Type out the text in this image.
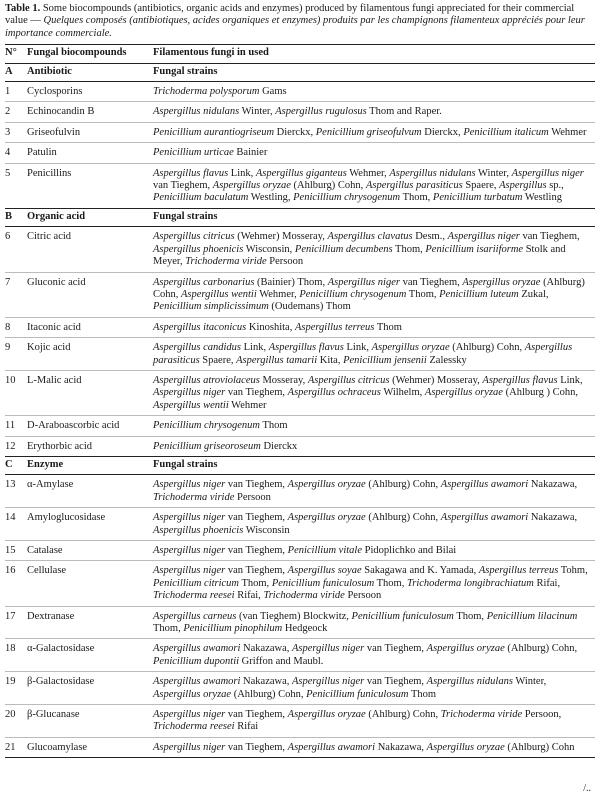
Table 1. Some biocompounds (antibiotics, organic acids and enzymes) produced by filamentous fungi appreciated for their commercial value — Quelques composés (antibiotiques, acides organiques et enzymes) produits par les champignons filamenteux appréciés pour leur importance commerciale.
N°	Fungal biocompounds	Filamentous fungi in used
A	Antibiotic	Fungal strains
1	Cyclosporins	Trichoderma polysporum Gams
2	Echinocandin B	Aspergillus nidulans Winter, Aspergillus rugulosus Thom and Raper.
3	Griseofulvin	Penicillium aurantiogriseum Dierckx, Penicillium griseofulvum Dierckx, Penicillium italicum Wehmer
4	Patulin	Penicillium urticae Bainier
5	Penicillins	Aspergillus flavus Link, Aspergillus giganteus Wehmer, Aspergillus nidulans Winter, Aspergillus niger van Tieghem, Aspergillus oryzae (Ahlburg) Cohn, Aspergillus parasiticus Spaere, Aspergillus sp., Penicillium baculatum Westling, Penicillium chrysogenum Thom, Penicillium turbatum Westling
B	Organic acid	Fungal strains
6	Citric acid	Aspergillus citricus (Wehmer) Mosseray, Aspergillus clavatus Desm., Aspergillus niger van Tieghem, Aspergillus phoenicis Wisconsin, Penicillium decumbens Thom, Penicillium isariiforme Stolk and Meyer, Trichoderma viride Persoon
7	Gluconic acid	Aspergillus carbonarius (Bainier) Thom, Aspergillus niger van Tieghem, Aspergillus oryzae (Ahlburg) Cohn, Aspergillus wentii Wehmer, Penicillium chrysogenum Thom, Penicillium luteum Zukal, Penicillium simplicissimum (Oudemans) Thom
8	Itaconic acid	Aspergillus itaconicus Kinoshita, Aspergillus terreus Thom
9	Kojic acid	Aspergillus candidus Link, Aspergillus flavus Link, Aspergillus oryzae (Ahlburg) Cohn, Aspergillus parasiticus Spaere, Aspergillus tamarii Kita, Penicillium jensenii Zalessky
10	L-Malic acid	Aspergillus atroviolaceus Mosseray, Aspergillus citricus (Wehmer) Mosseray, Aspergillus flavus Link, Aspergillus niger van Tieghem, Aspergillus ochraceus Wilhelm, Aspergillus oryzae (Ahlburg ) Cohn, Aspergillus wentii Wehmer
11	D-Araboascorbic acid	Penicillium chrysogenum Thom
12	Erythorbic acid	Penicillium griseoroseum Dierckx
C	Enzyme	Fungal strains
13	α-Amylase	Aspergillus niger van Tieghem, Aspergillus oryzae (Ahlburg) Cohn, Aspergillus awamori Nakazawa, Trichoderma viride Persoon
14	Amyloglucosidase	Aspergillus niger van Tieghem, Aspergillus oryzae (Ahlburg) Cohn, Aspergillus awamori Nakazawa, Aspergillus phoenicis Wisconsin
15	Catalase	Aspergillus niger van Tieghem, Penicillium vitale Pidoplichko and Bilai
16	Cellulase	Aspergillus niger van Tieghem, Aspergillus soyae Sakagawa and K. Yamada, Aspergillus terreus Tohm, Penicillium citricum Thom, Penicillium funiculosum Thom, Trichoderma longibrachiatum Rifai, Trichoderma reesei Rifai, Trichoderma viride Persoon
17	Dextranase	Aspergillus carneus (van Tieghem) Blockwitz, Penicillium funiculosum Thom, Penicillium lilacinum Thom, Penicillium pinophilum Hedgeock
18	α-Galactosidase	Aspergillus awamori Nakazawa, Aspergillus niger van Tieghem, Aspergillus oryzae (Ahlburg) Cohn, Penicillium dupontii Griffon and Maubl.
19	β-Galactosidase	Aspergillus awamori Nakazawa, Aspergillus niger van Tieghem, Aspergillus nidulans Winter, Aspergillus oryzae (Ahlburg) Cohn, Penicillium funiculosum Thom
20	β-Glucanase	Aspergillus niger van Tieghem, Aspergillus oryzae (Ahlburg) Cohn, Trichoderma viride Persoon, Trichoderma reesei Rifai
21	Glucoamylase	Aspergillus niger van Tieghem, Aspergillus awamori Nakazawa, Aspergillus oryzae (Ahlburg) Cohn
/..
